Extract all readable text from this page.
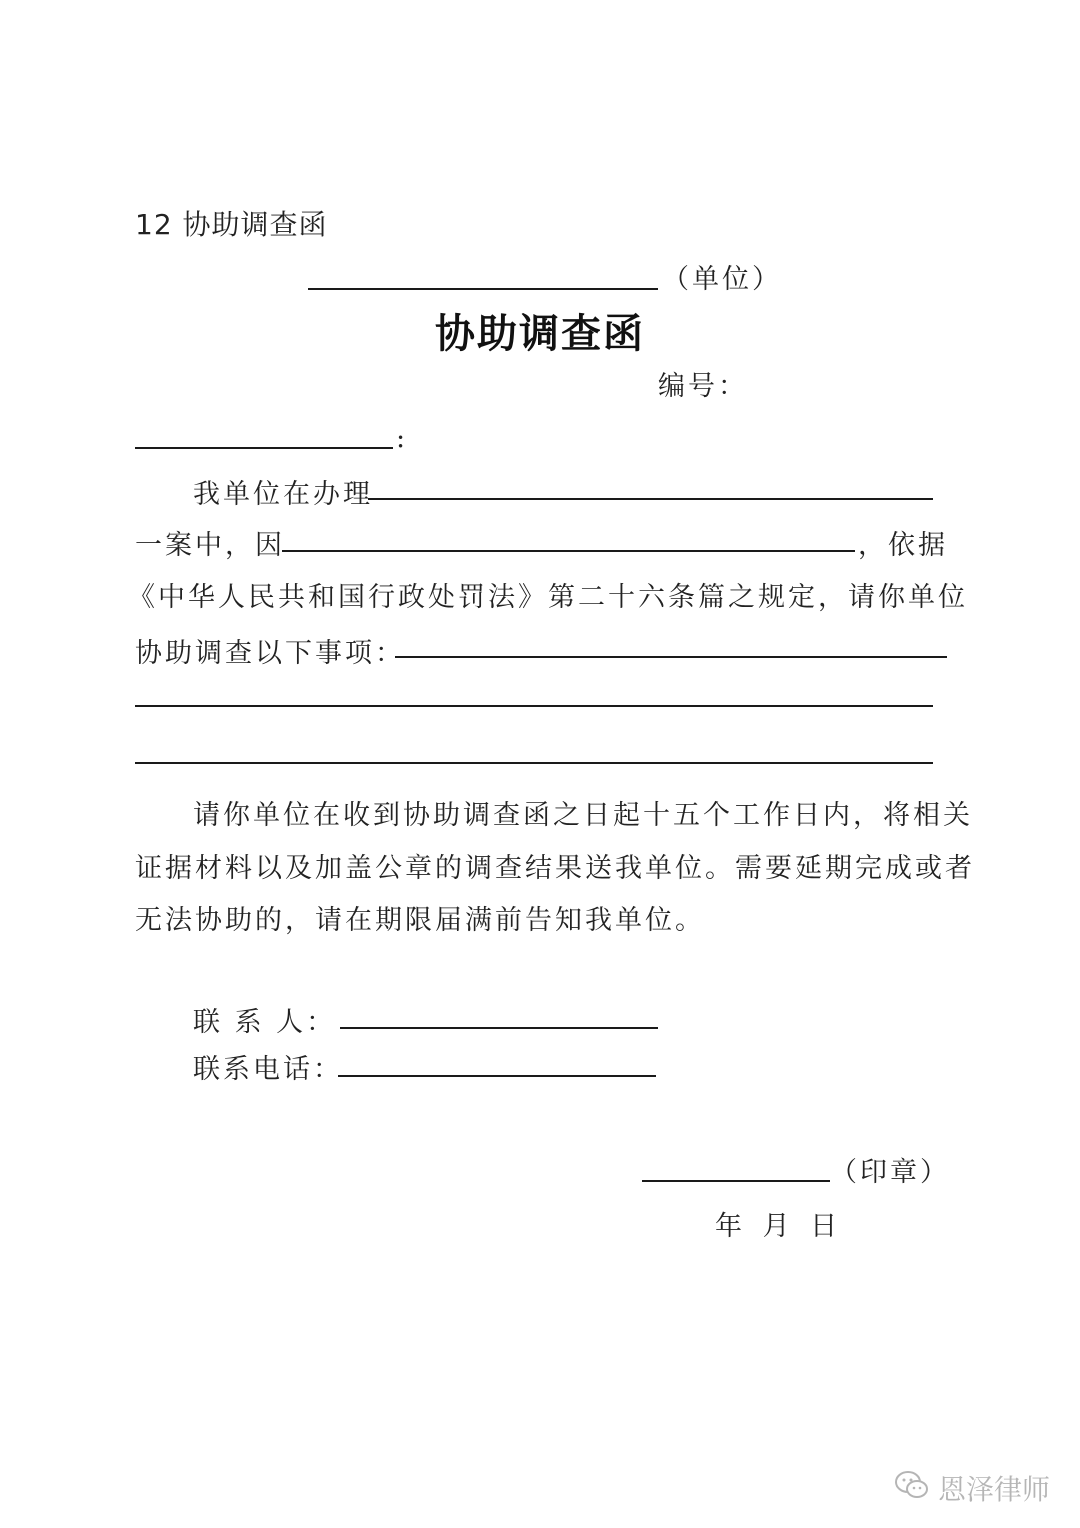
12 协助调查函
（单位）
协助调查函
编号：
:
我单位在办理
一案中，因	，依据
《中华人民共和国行政处罚法》第二十六条篇之规定，请你单位
协助调查以下事项：
请你单位在收到协助调查函之日起十五个工作日内，将相关
证据材料以及加盖公章的调查结果送我单位。需要延期完成或者
无法协助的，请在期限届满前告知我单位。
联 系 人：
联系电话：
（印章）
年 月 日
恩泽律师
